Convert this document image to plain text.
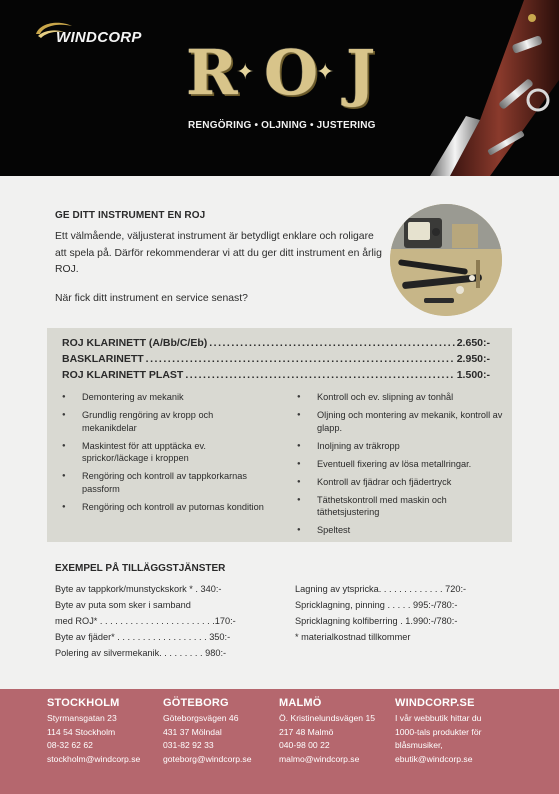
WINDCORP R
✦ O
✦ J
RENGÖRING • OLJNING • JUSTERING
GE DITT INSTRUMENT EN ROJ
Ett välmående, väljusterat instrument är betydligt enklare och roligare att spela på. Därför rekommenderar vi att du ger ditt instrument en årlig ROJ.
När fick ditt instrument en service senast?
ROJ KLARINETT (A/Bb/C/Eb) .....	2.650:-
BASKLARINETT .....	2.950:-
ROJ KLARINETT PLAST .....	1.500:-
● Demontering av mekanik
● Grundlig rengöring av kropp och mekanikdelar
● Maskintest för att upptäcka ev. sprickor/läckage i kroppen
● Rengöring och kontroll av tappkorkarnas passform
● Rengöring och kontroll av putornas kondition
● Kontroll och ev. slipning av tonhål
● Oljning och montering av mekanik, kontroll av glapp.
● Inoljning av träkropp
● Eventuell fixering av lösa metallringar.
● Kontroll av fjädrar och fjädertryck
● Täthetskontroll med maskin och täthetsjustering
● Speltest
EXEMPEL PÅ TILLÄGGSTJÄNSTER
Byte av tappkork/munstyckskork * . 340:-
Byte av puta som sker i samband
med ROJ* . . . . . . . . . . . . . . . . . . . . . . .170:-
Byte av fjäder* . . . . . . . . . . . . . . . . . . 350:-
Polering av silvermekanik. . . . . . . . . 980:-
Lagning av ytspricka. . . . . . . . . . . . . 720:-
Spricklagning, pinning . . . . . 995:-/780:-
Spricklagning kolfiberring . 1.990:-/780:-
* materialkostnad tillkommer
STOCKHOLM

Styrmansgatan 23

114 54 Stockholm

08-32 62 62

stockholm@windcorp.se

GÖTEBORG

Göteborgsvägen 46

431 37 Mölndal

031-82 92 33

goteborg@windcorp.se

MALMÖ

Ö. Kristinelundsvägen 15

217 48 Malmö

040-98 00 22

malmo@windcorp.se

WINDCORP.SE

I vår webbutik hittar du

1000-tals produkter för

blåsmusiker,

ebutik@windcorp.se
